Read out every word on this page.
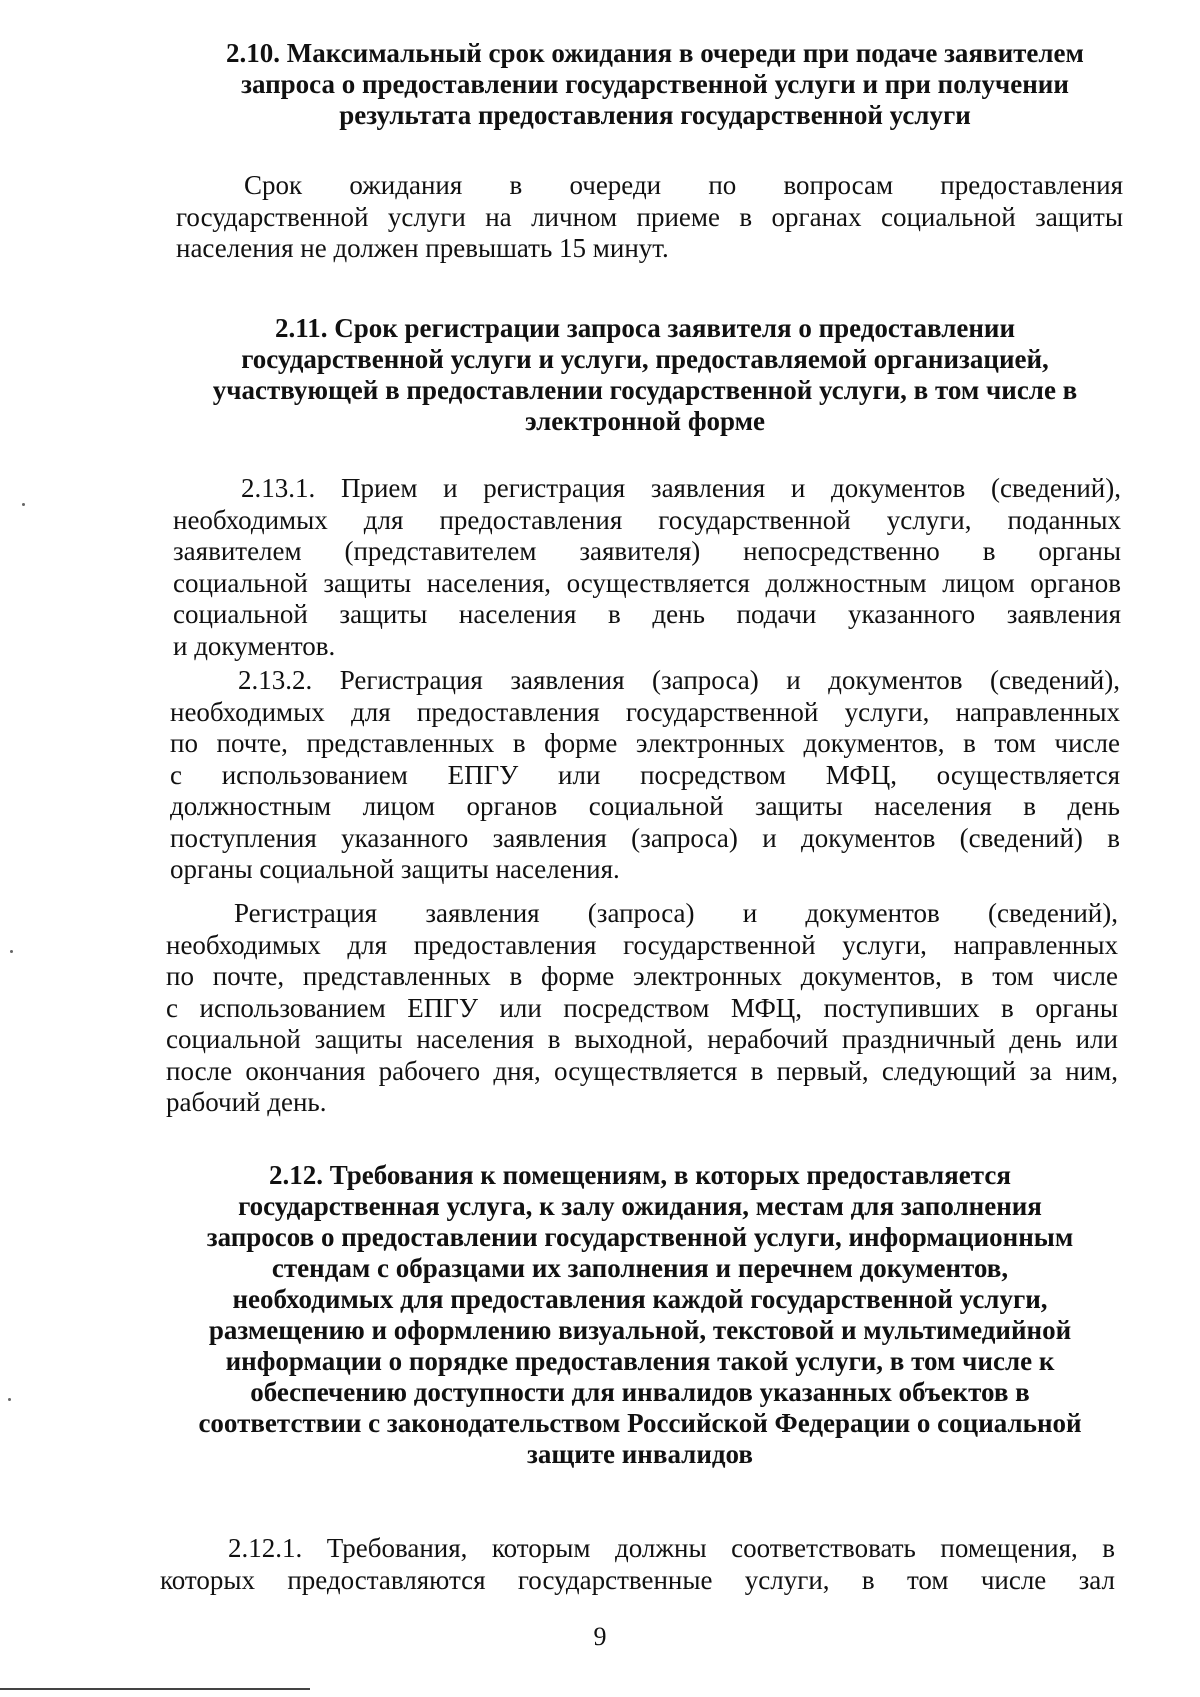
2.10. Максимальный срок ожидания в очереди при подаче заявителем
запроса о предоставлении государственной услуги и при получении
результата предоставления государственной услуги
Срок ожидания в очереди по вопросам предоставления
государственной услуги на личном приеме в органах социальной защиты
населения не должен превышать 15 минут.
2.11. Срок регистрации запроса заявителя о предоставлении
государственной услуги и услуги, предоставляемой организацией,
участвующей в предоставлении государственной услуги, в том числе в
электронной форме
2.13.1. Прием и регистрация заявления и документов (сведений),
необходимых для предоставления государственной услуги, поданных
заявителем (представителем заявителя) непосредственно в органы
социальной защиты населения, осуществляется должностным лицом органов
социальной защиты населения в день подачи указанного заявления
и документов.
2.13.2. Регистрация заявления (запроса) и документов (сведений),
необходимых для предоставления государственной услуги, направленных
по почте, представленных в форме электронных документов, в том числе
с использованием ЕПГУ или посредством МФЦ, осуществляется
должностным лицом органов социальной защиты населения в день
поступления указанного заявления (запроса) и документов (сведений) в
органы социальной защиты населения.
Регистрация заявления (запроса) и документов (сведений),
необходимых для предоставления государственной услуги, направленных
по почте, представленных в форме электронных документов, в том числе
с использованием ЕПГУ или посредством МФЦ, поступивших в органы
социальной защиты населения в выходной, нерабочий праздничный день или
после окончания рабочего дня, осуществляется в первый, следующий за ним,
рабочий день.
2.12. Требования к помещениям, в которых предоставляется
государственная услуга, к залу ожидания, местам для заполнения
запросов о предоставлении государственной услуги, информационным
стендам с образцами их заполнения и перечнем документов,
необходимых для предоставления каждой государственной услуги,
размещению и оформлению визуальной, текстовой и мультимедийной
информации о порядке предоставления такой услуги, в том числе к
обеспечению доступности для инвалидов указанных объектов в
соответствии с законодательством Российской Федерации о социальной
защите инвалидов
2.12.1. Требования, которым должны соответствовать помещения, в
которых предоставляются государственные услуги, в том числе зал
9
